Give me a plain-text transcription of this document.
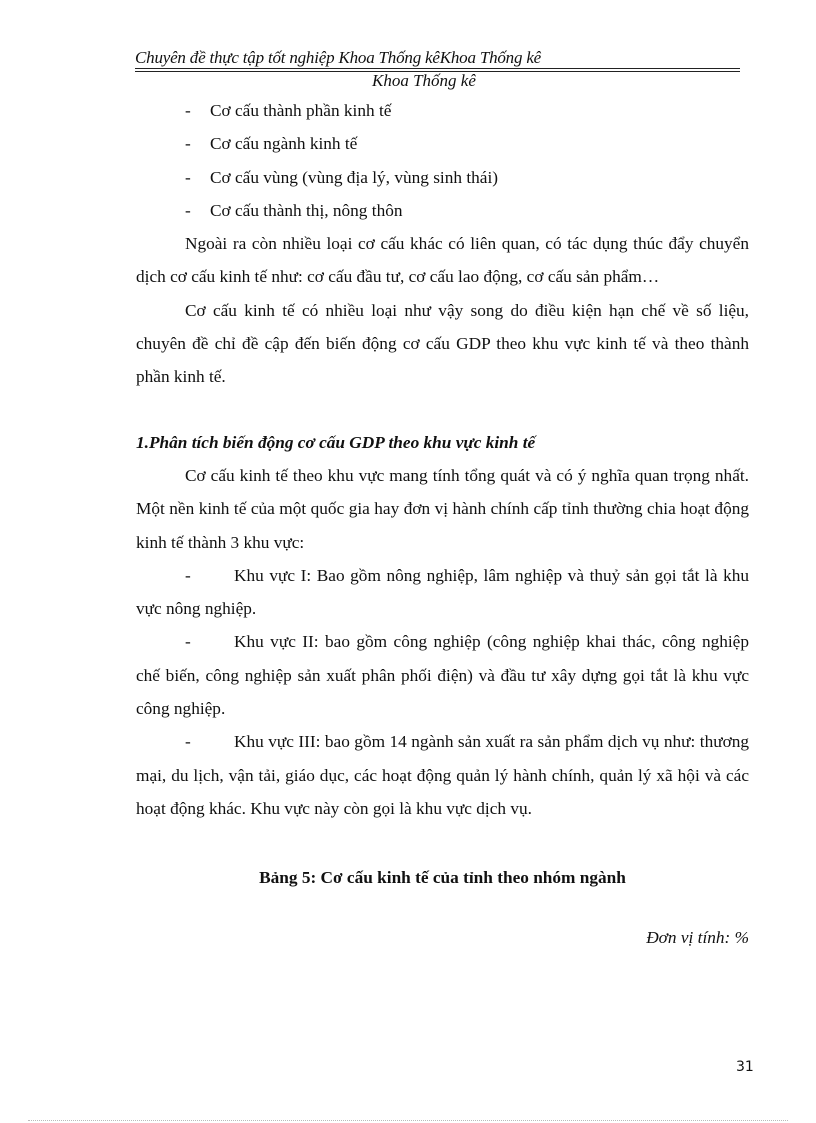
Chuyên đề thực tập tốt nghiệp Khoa Thống kêKhoa Thống kê
Khoa Thống kê
-	Cơ cấu thành phần kinh tế
-	Cơ cấu ngành kinh tế
-	Cơ cấu vùng (vùng địa lý, vùng sinh thái)
-	Cơ cấu thành thị, nông thôn

Ngoài ra còn nhiều loại cơ cấu khác có liên quan, có tác dụng thúc đẩy chuyển dịch cơ cấu kinh tế như: cơ cấu đầu tư, cơ cấu lao động, cơ cấu sản phẩm…

Cơ cấu kinh tế có nhiều loại như vậy song do điều kiện hạn chế về số liệu, chuyên đề chỉ đề cập đến biến động cơ cấu GDP theo khu vực kinh tế và theo thành phần kinh tế.

1.Phân tích biến động cơ cấu GDP theo khu vực kinh tế

Cơ cấu kinh tế theo khu vực mang tính tổng quát và có ý nghĩa quan trọng nhất. Một nền kinh tế của một quốc gia hay đơn vị hành chính cấp tỉnh thường chia hoạt động kinh tế thành 3 khu vực:

- Khu vực I: Bao gồm nông nghiệp, lâm nghiệp và thuỷ sản gọi tắt là khu vực nông nghiệp.

- Khu vực II: bao gồm công nghiệp (công nghiệp khai thác, công nghiệp chế biến, công nghiệp sản xuất phân phối điện) và đầu tư xây dựng gọi tắt là khu vực công nghiệp.

- Khu vực III: bao gồm 14 ngành sản xuất ra sản phẩm dịch vụ như: thương mại, du lịch, vận tải, giáo dục, các hoạt động quản lý hành chính, quản lý xã hội và các hoạt động khác. Khu vực này còn gọi là khu vực dịch vụ.

Bảng 5: Cơ cấu kinh tế của tỉnh theo nhóm ngành
Đơn vị tính: %
31
